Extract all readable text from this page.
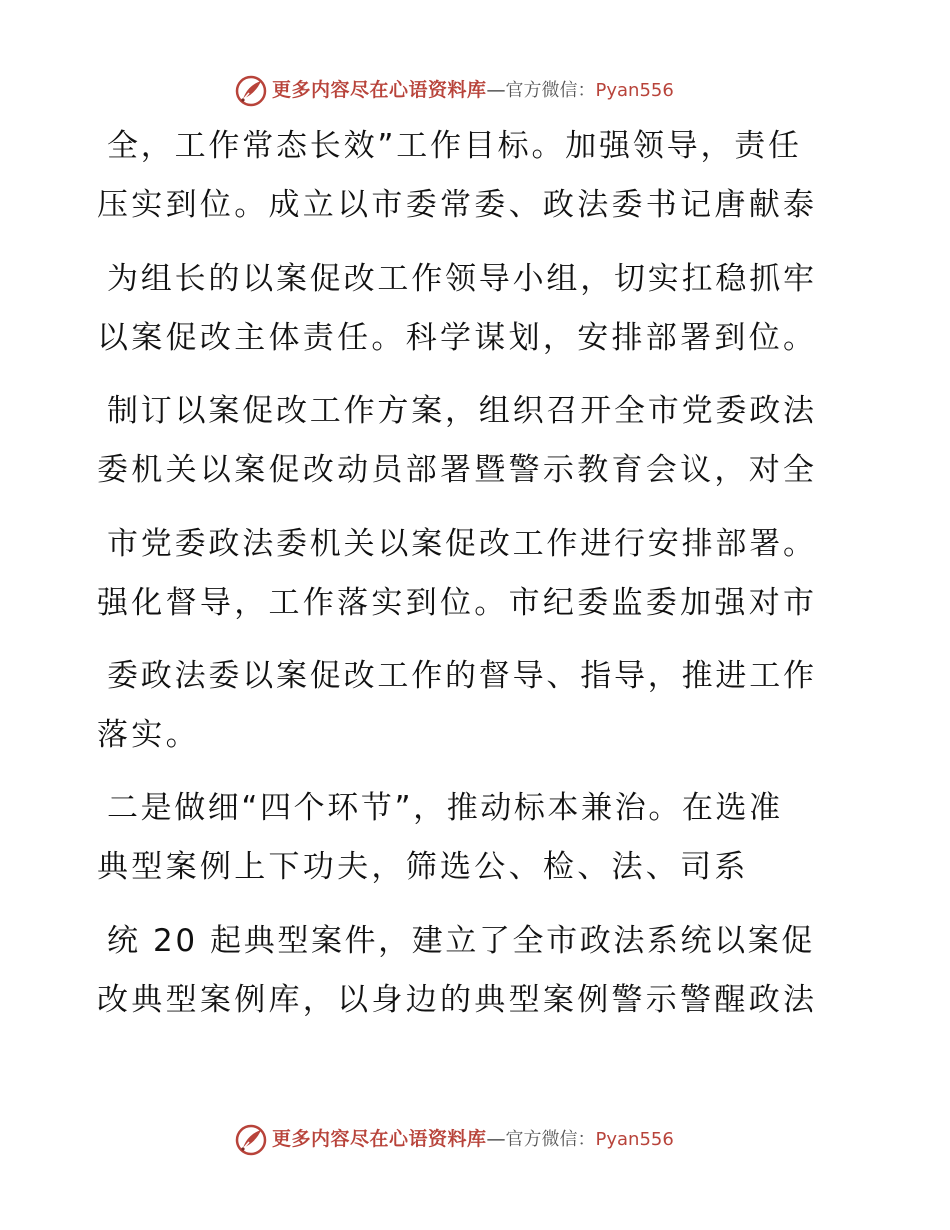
更多内容尽在心语资料库—官方微信：Pyan556
全，工作常态长效”工作目标。加强领导，责任
压实到位。成立以市委常委、政法委书记唐献泰
为组长的以案促改工作领导小组，切实扛稳抓牢
以案促改主体责任。科学谋划，安排部署到位。
制订以案促改工作方案，组织召开全市党委政法
委机关以案促改动员部署暨警示教育会议，对全
市党委政法委机关以案促改工作进行安排部署。
强化督导，工作落实到位。市纪委监委加强对市
委政法委以案促改工作的督导、指导，推进工作
落实。
二是做细“四个环节”，推动标本兼治。在选准
典型案例上下功夫，筛选公、检、法、司系
统 20 起典型案件，建立了全市政法系统以案促
改典型案例库，以身边的典型案例警示警醒政法
更多内容尽在心语资料库—官方微信：Pyan556
